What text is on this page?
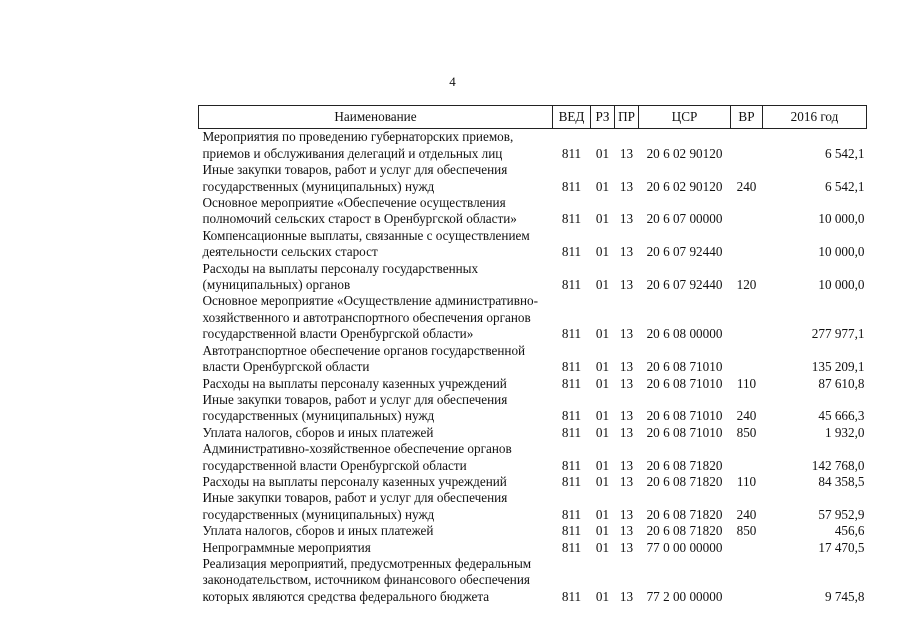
4
Наименование	ВЕД	РЗ	ПР	ЦСР	ВР	2016 год
Мероприятия по проведению губернаторских приемов, приемов и обслуживания делегаций и отдельных лиц	811	01	13	20 6 02 90120		6 542,1
Иные закупки товаров, работ и услуг для обеспечения государственных (муниципальных) нужд	811	01	13	20 6 02 90120	240	6 542,1
Основное мероприятие «Обеспечение осуществления полномочий сельских старост в Оренбургской области»	811	01	13	20 6 07 00000		10 000,0
Компенсационные выплаты, связанные с осуществлением деятельности сельских старост	811	01	13	20 6 07 92440		10 000,0
Расходы на выплаты персоналу государственных (муниципальных) органов	811	01	13	20 6 07 92440	120	10 000,0
Основное мероприятие «Осуществление административно-хозяйственного и автотранспортного обеспечения органов государственной власти Оренбургской области»	811	01	13	20 6 08 00000		277 977,1
Автотранспортное обеспечение органов государственной власти Оренбургской области	811	01	13	20 6 08 71010		135 209,1
Расходы на выплаты персоналу казенных учреждений	811	01	13	20 6 08 71010	110	87 610,8
Иные закупки товаров, работ и услуг для обеспечения государственных (муниципальных) нужд	811	01	13	20 6 08 71010	240	45 666,3
Уплата налогов, сборов и иных платежей	811	01	13	20 6 08 71010	850	1 932,0
Административно-хозяйственное обеспечение органов государственной власти Оренбургской области	811	01	13	20 6 08 71820		142 768,0
Расходы на выплаты персоналу казенных учреждений	811	01	13	20 6 08 71820	110	84 358,5
Иные закупки товаров, работ и услуг для обеспечения государственных (муниципальных) нужд	811	01	13	20 6 08 71820	240	57 952,9
Уплата налогов, сборов и иных платежей	811	01	13	20 6 08 71820	850	456,6
Непрограммные мероприятия	811	01	13	77 0 00 00000		17 470,5
Реализация мероприятий, предусмотренных федеральным законодательством, источником финансового обеспечения которых являются средства федерального бюджета	811	01	13	77 2 00 00000		9 745,8
